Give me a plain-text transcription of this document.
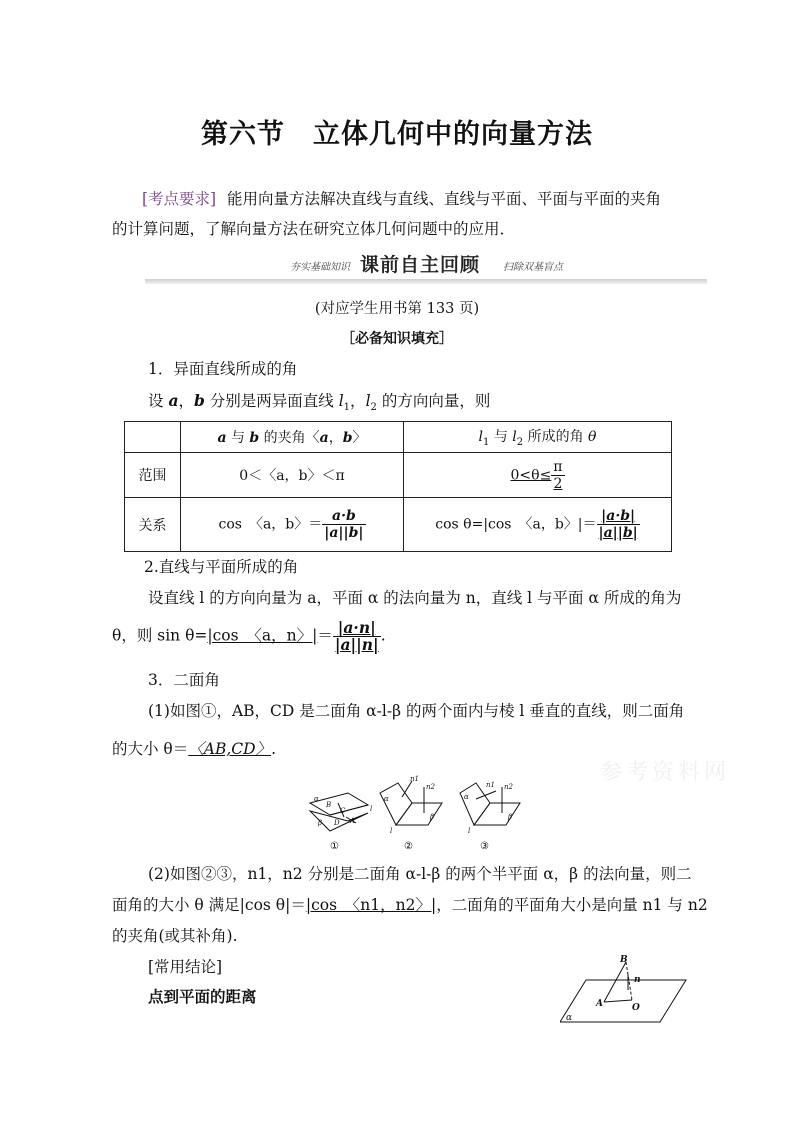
第六节　立体几何中的向量方法
[考点要求] 能用向量方法解决直线与直线、直线与平面、平面与平面的夹角
的计算问题，了解向量方法在研究立体几何问题中的应用．
夯实基础知识 课前自主回顾 扫除双基盲点
(对应学生用书第 133 页)
［必备知识填充］
1．异面直线所成的角
设 a，b 分别是两异面直线 $l_1$，$l_2$ 的方向向量，则
	a 与 b 的夹角〈a，b〉	$l_1$ 与 $l_2$ 所成的角 θ
范围	0＜〈a，b〉＜π	$0<\theta\le \frac{\pi}{2}$

关系	cos　〈a，b〉＝ $\frac{a\cdot b}{|a||b|}$	cos θ=|cos　〈a，b〉|＝ $\frac{|a\cdot b|}{|a||b|}$
2.直线与平面所成的角
设直线 l 的方向向量为 a，平面 α 的法向量为 n，直线 l 与平面 α 所成的角为
θ，则 sin θ=|cos　〈a，n〉|＝ $\frac{|a\cdot n|}{|a||n|}$ .
3．二面角
(1)如图①，AB，CD 是二面角 α-l-β 的两个面内与棱 l 垂直的直线，则二面角
的大小 θ＝〈AB,CD〉.
参考资料网
α
B
C
A
β
l
D
①
α
n1
n2
β
l
②
α
n1 n2
β
l
③
(2)如图②③，n1，n2 分别是二面角 α-l-β 的两个半平面 α，β 的法向量，则二
面角的大小 θ 满足|cos θ|＝|cos　〈n1，n2〉|，二面角的平面角大小是向量 n1 与 n2
的夹角(或其补角).
[常用结论]
点到平面的距离
B
n
A	O
α
